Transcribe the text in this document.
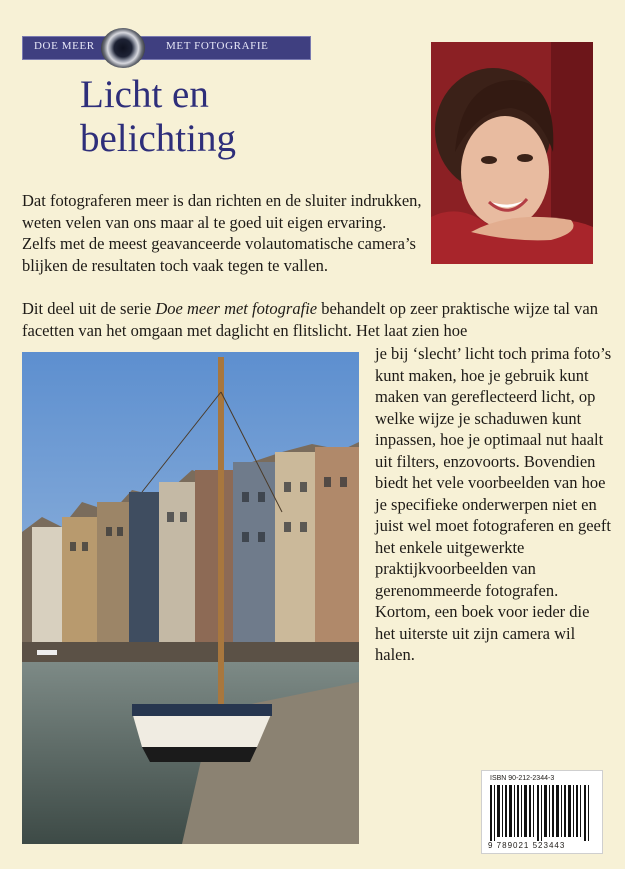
DOE MEER	MET FOTOGRAFIE
Licht en
belichting

Dat fotograferen meer is dan richten en de sluiter indrukken, weten velen van ons maar al te goed uit eigen ervaring. Zelfs met de meest geavanceerde volautomatische camera’s blijken de resultaten toch vaak tegen te vallen.

Dit deel uit de serie Doe meer met fotografie behandelt op zeer praktische wijze tal van facetten van het omgaan met daglicht en flitslicht. Het laat zien hoe

je bij ‘slecht’ licht toch prima foto’s kunt maken, hoe je gebruik kunt maken van gereflecteerd licht, op welke wijze je schaduwen kunt inpassen, hoe je optimaal nut haalt uit filters, enzovoorts. Bovendien biedt het vele voorbeelden van hoe je specifieke onderwerpen niet en juist wel moet fotograferen en geeft het enkele uitgewerkte praktijkvoorbeelden van gerenommeerde fotografen. Kortom, een boek voor ieder die het uiterste uit zijn camera wil halen.

ISBN 90-212-2344-3
9 789021 523443
